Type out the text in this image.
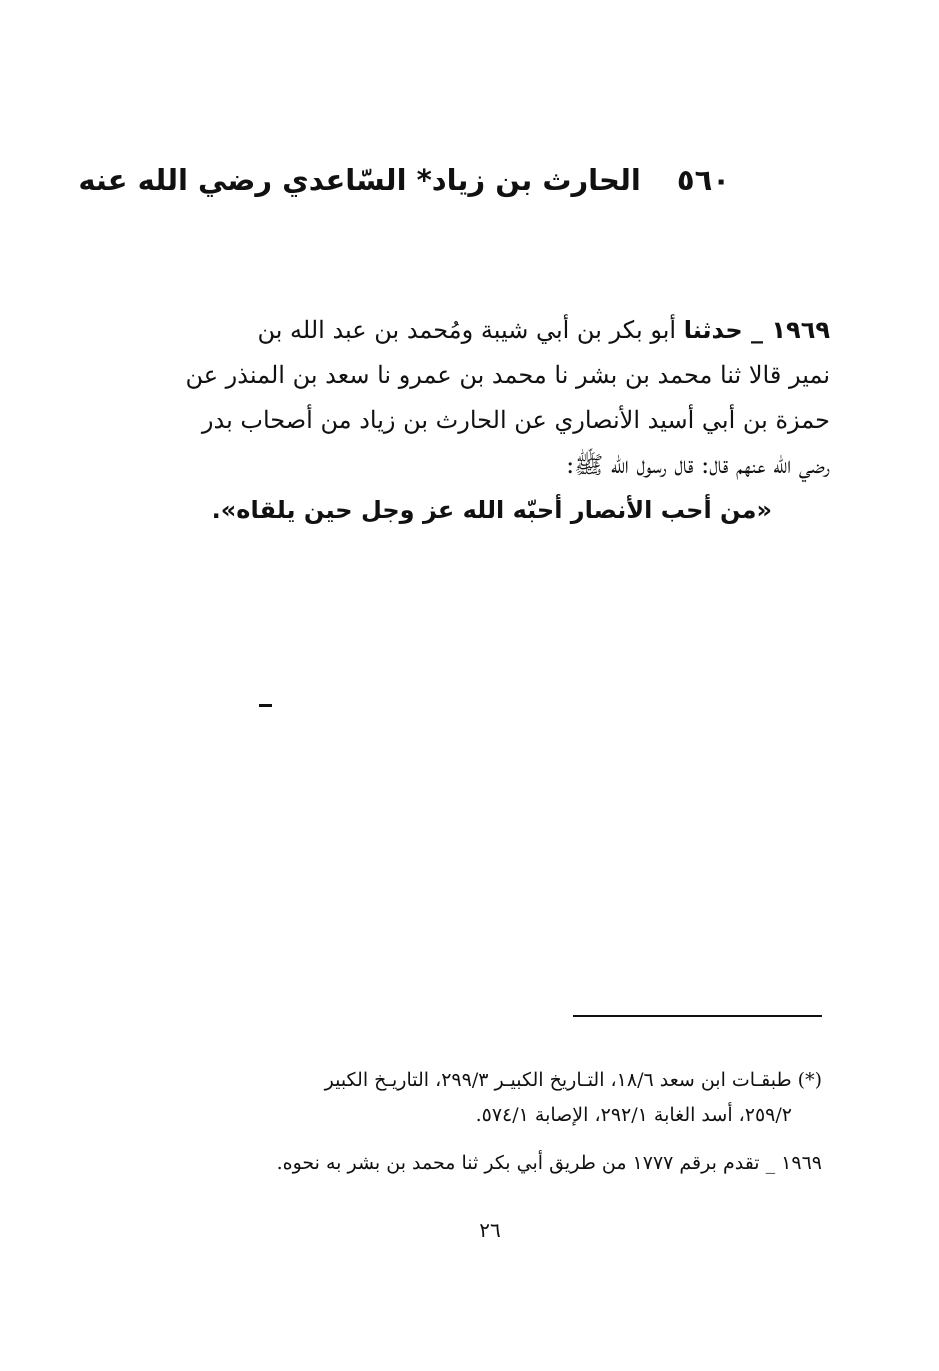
٥٦٠ الحارث بن زياد* السّاعدي رضي الله عنه
١٩٦٩ _ حدثنا أبو بكر بن أبي شيبة ومُحمد بن عبد الله بن
نمير قالا ثنا محمد بن بشر نا محمد بن عمرو نا سعد بن المنذر عن
حمزة بن أبي أسيد الأنصاري عن الحارث بن زياد من أصحاب بدر
رضي الله عنهم قال: قال رسول الله ﷺ:
«من أحب الأنصار أحبّه الله عز وجل حين يلقاه».
(*) طبقـات ابن سعد ١٨/٦، التـاريخ الكبيـر ٢٩٩/٣، التاريـخ الكبير
٢٥٩/٢، أسد الغابة ٢٩٢/١، الإصابة ٥٧٤/١.
١٩٦٩ _ تقدم برقم ١٧٧٧ من طريق أبي بكر ثنا محمد بن بشر به نحوه.
٢٦
